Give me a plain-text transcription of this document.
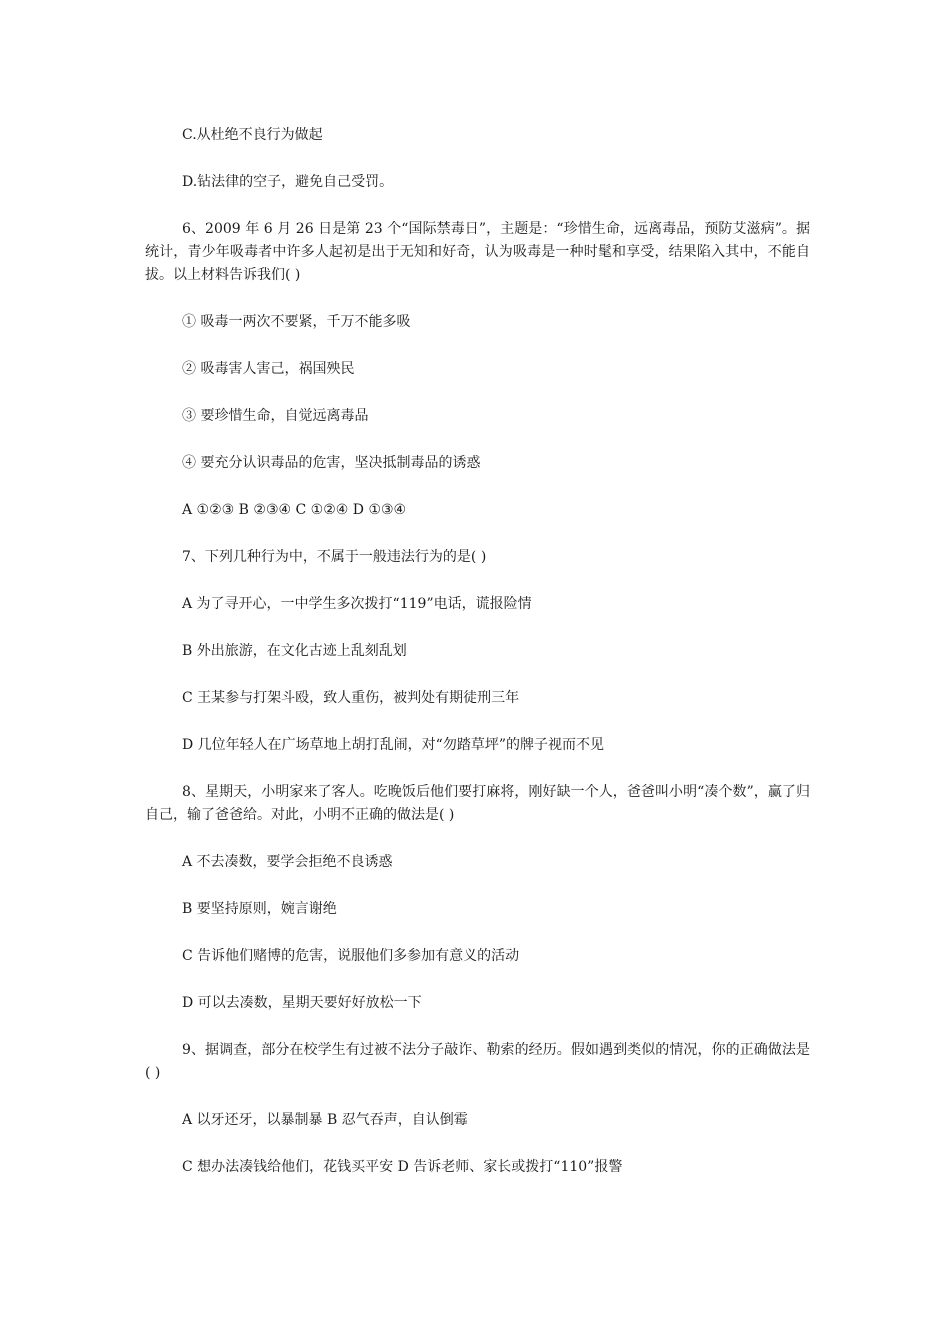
C.从杜绝不良行为做起

D.钻法律的空子，避免自己受罚。

6、2009 年 6 月 26 日是第 23 个“国际禁毒日”，主题是：“珍惜生命，远离毒品，预防艾滋病”。据统计，青少年吸毒者中许多人起初是出于无知和好奇，认为吸毒是一种时髦和享受，结果陷入其中，不能自拔。以上材料告诉我们( )

① 吸毒一两次不要紧，千万不能多吸

② 吸毒害人害己，祸国殃民

③ 要珍惜生命，自觉远离毒品

④ 要充分认识毒品的危害，坚决抵制毒品的诱惑

A ①②③ B ②③④ C ①②④ D ①③④

7、下列几种行为中，不属于一般违法行为的是( )

A 为了寻开心，一中学生多次拨打“119”电话，谎报险情

B 外出旅游，在文化古迹上乱刻乱划

C 王某参与打架斗殴，致人重伤，被判处有期徒刑三年

D 几位年轻人在广场草地上胡打乱闹，对“勿踏草坪”的牌子视而不见

8、星期天，小明家来了客人。吃晚饭后他们要打麻将，刚好缺一个人，爸爸叫小明“凑个数”，赢了归自己，输了爸爸给。对此，小明不正确的做法是( )

A 不去凑数，要学会拒绝不良诱惑

B 要坚持原则，婉言谢绝

C 告诉他们赌博的危害，说服他们多参加有意义的活动

D 可以去凑数，星期天要好好放松一下

9、据调查，部分在校学生有过被不法分子敲诈、勒索的经历。假如遇到类似的情况，你的正确做法是( )

A 以牙还牙，以暴制暴 B 忍气吞声，自认倒霉

C 想办法凑钱给他们，花钱买平安 D 告诉老师、家长或拨打“110”报警
